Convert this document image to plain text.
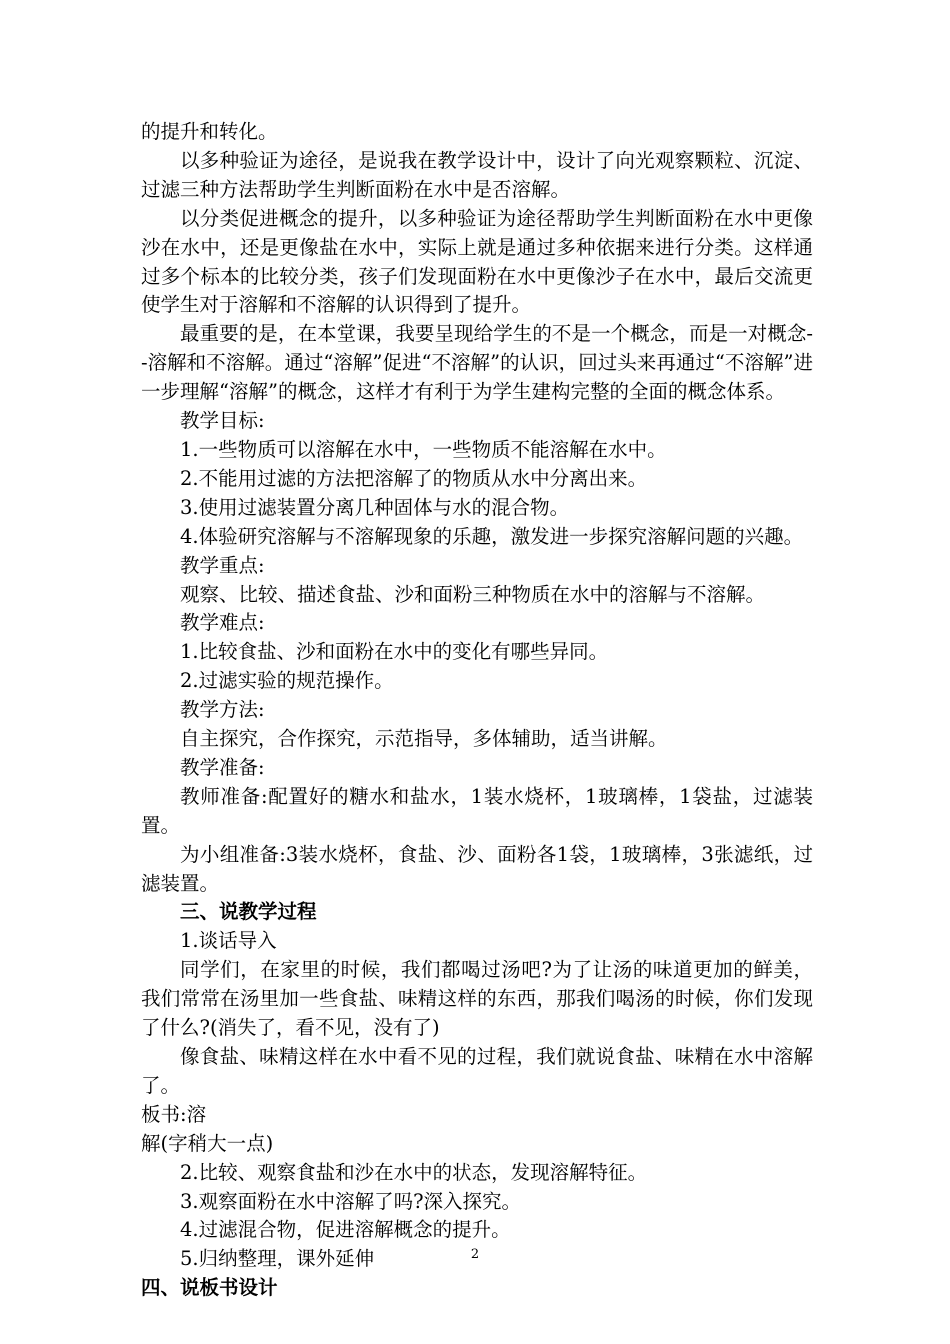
的提升和转化。

以多种验证为途径，是说我在教学设计中，设计了向光观察颗粒、沉淀、过滤三种方法帮助学生判断面粉在水中是否溶解。

以分类促进概念的提升，以多种验证为途径帮助学生判断面粉在水中更像沙在水中，还是更像盐在水中，实际上就是通过多种依据来进行分类。这样通过多个标本的比较分类，孩子们发现面粉在水中更像沙子在水中，最后交流更使学生对于溶解和不溶解的认识得到了提升。

最重要的是，在本堂课，我要呈现给学生的不是一个概念，而是一对概念--溶解和不溶解。通过“溶解”促进“不溶解”的认识，回过头来再通过“不溶解”进一步理解“溶解”的概念，这样才有利于为学生建构完整的全面的概念体系。

教学目标:

1.一些物质可以溶解在水中，一些物质不能溶解在水中。

2.不能用过滤的方法把溶解了的物质从水中分离出来。

3.使用过滤装置分离几种固体与水的混合物。

4.体验研究溶解与不溶解现象的乐趣，激发进一步探究溶解问题的兴趣。

教学重点:

观察、比较、描述食盐、沙和面粉三种物质在水中的溶解与不溶解。

教学难点:

1.比较食盐、沙和面粉在水中的变化有哪些异同。

2.过滤实验的规范操作。

教学方法:

自主探究，合作探究，示范指导，多体辅助，适当讲解。

教学准备:

教师准备:配置好的糖水和盐水，1装水烧杯，1玻璃棒，1袋盐，过滤装置。

为小组准备:3装水烧杯，食盐、沙、面粉各1袋，1玻璃棒，3张滤纸，过滤装置。

三、说教学过程

1.谈话导入

同学们，在家里的时候，我们都喝过汤吧?为了让汤的味道更加的鲜美，我们常常在汤里加一些食盐、味精这样的东西，那我们喝汤的时候，你们发现了什么?(消失了，看不见，没有了)

像食盐、味精这样在水中看不见的过程，我们就说食盐、味精在水中溶解了。

板书:溶

解(字稍大一点)

2.比较、观察食盐和沙在水中的状态，发现溶解特征。

3.观察面粉在水中溶解了吗?深入探究。

4.过滤混合物，促进溶解概念的提升。

5.归纳整理，课外延伸

四、说板书设计

2
